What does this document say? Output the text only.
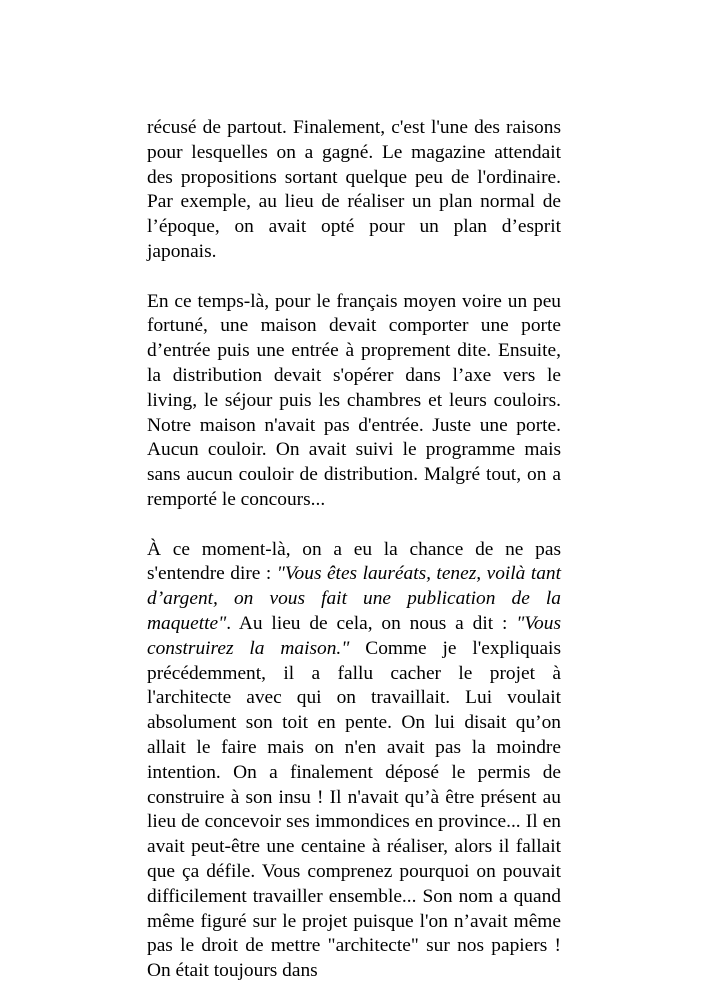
récusé de partout. Finalement, c'est l'une des raisons pour lesquelles on a gagné. Le magazine attendait des propositions sortant quelque peu de l'ordinaire. Par exemple, au lieu de réaliser un plan normal de l’époque, on avait opté pour un plan d’esprit japonais.

En ce temps-là, pour le français moyen voire un peu fortuné, une maison devait comporter une porte d’entrée puis une entrée à proprement dite. Ensuite, la distribution devait s'opérer dans l’axe vers le living, le séjour puis les chambres et leurs couloirs. Notre maison n'avait pas d'entrée. Juste une porte. Aucun couloir. On avait suivi le programme mais sans aucun couloir de distribution. Malgré tout, on a remporté le concours...

À ce moment-là, on a eu la chance de ne pas s'entendre dire : "Vous êtes lauréats, tenez, voilà tant d’argent, on vous fait une publication de la maquette". Au lieu de cela, on nous a dit : "Vous construirez la maison." Comme je l'expliquais précédemment, il a fallu cacher le projet à l'architecte avec qui on travaillait. Lui voulait absolument son toit en pente. On lui disait qu’on allait le faire mais on n'en avait pas la moindre intention. On a finalement déposé le permis de construire à son insu ! Il n'avait qu’à être présent au lieu de concevoir ses immondices en province... Il en avait peut-être une centaine à réaliser, alors il fallait que ça défile. Vous comprenez pourquoi on pouvait difficilement travailler ensemble... Son nom a quand même figuré sur le projet puisque l'on n’avait même pas le droit de mettre "architecte" sur nos papiers ! On était toujours dans
